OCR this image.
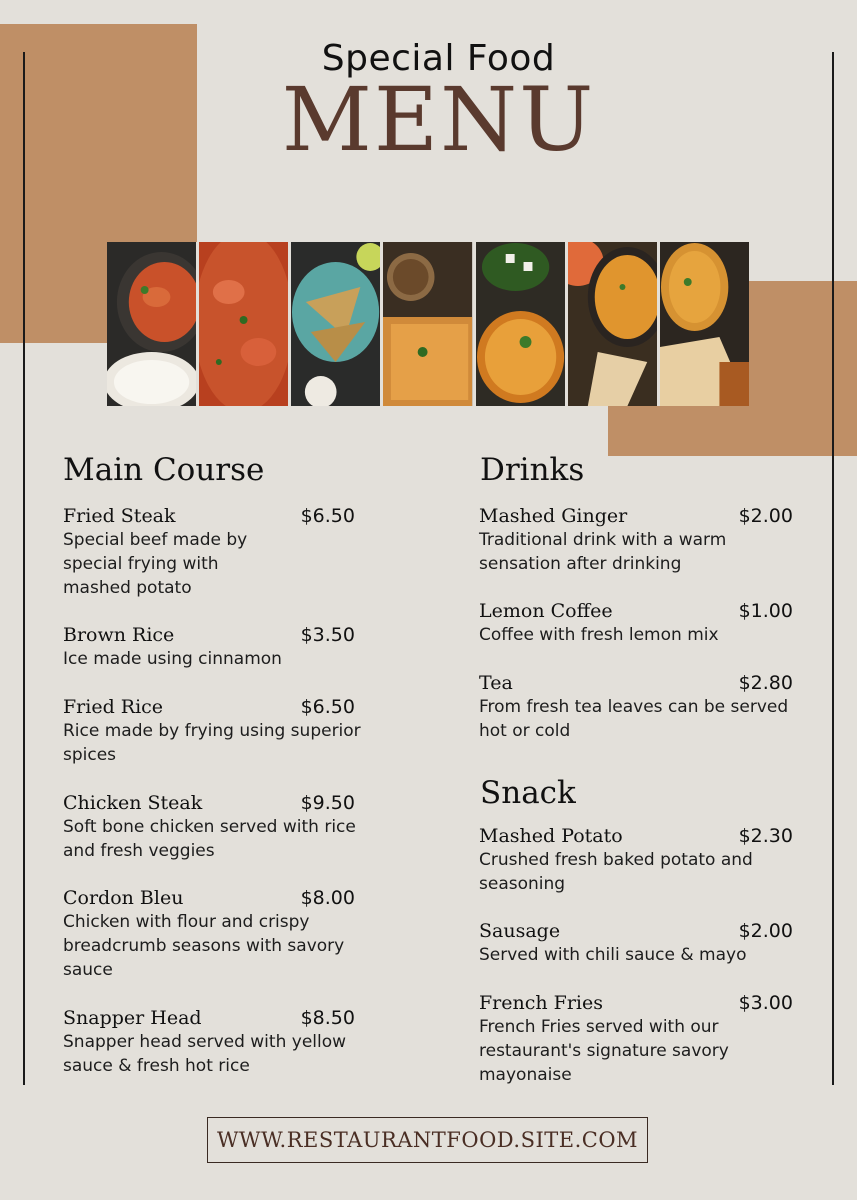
Special Food
MENU
Main Course
Fried Steak	$6.50
Special beef made by special frying with mashed potato
Brown Rice	$3.50
Ice made using cinnamon
Fried Rice	$6.50
Rice made by frying using superior spices
Chicken Steak	$9.50
Soft bone chicken served with rice and fresh veggies
Cordon Bleu	$8.00
Chicken with flour and crispy breadcrumb seasons with savory sauce
Snapper Head	$8.50
Snapper head served with yellow sauce & fresh hot rice
Drinks
Mashed Ginger	$2.00
Traditional drink with a warm sensation after drinking
Lemon Coffee	$1.00
Coffee with fresh lemon mix
Tea	$2.80
From fresh tea leaves can be served hot or cold
Snack
Mashed Potato	$2.30
Crushed fresh baked potato and seasoning
Sausage	$2.00
Served with chili sauce & mayo
French Fries	$3.00
French Fries served with our restaurant's signature savory mayonaise
WWW.RESTAURANTFOOD.SITE.COM
